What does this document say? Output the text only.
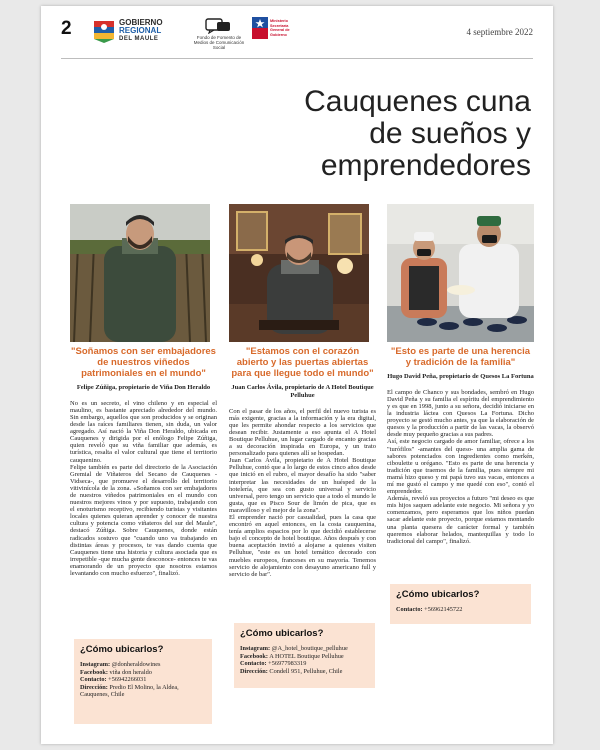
2	GOBIERNO
REGIONAL
DEL MAULE	Fondo de Fomento de Medios de Comunicación Social
Ministerio Secretaría General de Gobierno	4 septiembre 2022
Cauquenes cuna
de sueños y
emprendedores
"Soñamos con ser embajadores de nuestros viñedos patrimoniales en el mundo"
Felipe Zúñiga, propietario de Viña Don Heraldo

No es un secreto, el vino chileno y en especial el maulino, es bastante apreciado alrededor del mundo. Sin embargo, aquellos que son producidos y se originan desde las raíces familiares tienen, sin duda, un valor agregado. Así nació la Viña Don Heraldo, ubicada en Cauquenes y dirigida por el enólogo Felipe Zúñiga, quien reveló que su viña familiar que además, es turística, resalta el valor cultural que tiene el territorio cauquenino.

Felipe también es parte del directorio de la Asociación Gremial de Viñateros del Secano de Cauquenes -Vidseca-, que promueve el desarrollo del territorio vitivinícola de la zona. «Soñamos con ser embajadores de nuestros viñedos patrimoniales en el mundo con nuestros mejores vinos y por supuesto, trabajando con el enoturismo receptivo, recibiendo turistas y visitantes locales quienes quieran aprender y conocer de nuestra cultura y potencia como viñateros del sur del Maule", destacó Zúñiga. Sobre Cauquenes, donde están radicados sostuvo que "cuando uno va trabajando en distintas áreas y procesos, te vas dando cuenta que Cauquenes tiene una historia y cultura asociada que es irrepetible -que mucha gente desconoce- entonces te vas enamorando de un proyecto que nosotros estamos levantando con mucho esfuerzo", finalizó.

"Estamos con el corazón abierto y las puertas abiertas para que llegue todo el mundo"
Juan Carlos Ávila, propietario de A Hotel Boutique Pelluhue

Con el pasar de los años, el perfil del nuevo turista es más exigente, gracias a la información y la era digital, que les permite ahondar respecto a los servicios que desean recibir. Justamente a eso apunta el A Hotel Boutique Pelluhue, un lugar cargado de encanto gracias a su decoración inspirada en Europa, y un trato personalizado para quienes allí se hospedan.

Juan Carlos Ávila, propietario de A Hotel Boutique Pelluhue, contó que a lo largo de estos cinco años desde que inició en el rubro, el mayor desafío ha sido "saber interpretar las necesidades de un huésped de la hotelería, que sea con gusto universal y servicio universal, pero tengo un servicio que a todo el mundo le gusta, que es Pisco Sour de limón de pica, que es maravilloso y el mejor de la zona".

El emprender nació por casualidad, pues la casa que encontró en aquel entonces, en la costa cauquenina, tenía amplios espacios por lo que decidió establecerse bajo el concepto de hotel boutique. Años después y con buena aceptación invitó a alojarse a quienes visiten Pelluhue, "este es un hotel temático decorado con muebles europeos, franceses en su mayoría. Tenemos servicio de alojamiento con desayuno americano full y servicio de bar".

"Esto es parte de una herencia y tradición de la familia"
Hugo David Peña, propietario de Quesos La Fortuna

El campo de Chanco y sus bondades, sembró en Hugo David Peña y su familia el espíritu del emprendimiento y es que en 1998, junto a su señora, decidió iniciarse en la industria láctea con Quesos La Fortuna. Dicho proyecto se gestó mucho antes, ya que la elaboración de quesos y la producción a partir de las vacas, la observó desde muy pequeño gracias a sus padres.

Así, este negocio cargado de amor familiar, ofrece a los "turófilos" -amantes del queso- una amplia gama de sabores potenciados con ingredientes como merkén, ciboulette u orégano. "Esto es parte de una herencia y tradición que traemos de la familia, pues siempre mi mamá hizo queso y mi papá tuvo sus vacas, entonces a mí me gustó el campo y me quedé con eso", contó el emprendedor.

Además, reveló sus proyectos a futuro "mi deseo es que mis hijos saquen adelante este negocio. Mi señora y yo comenzamos, pero esperamos que los niños puedan sacar adelante este proyecto, porque estamos montando una planta quesera de carácter formal y también queremos elaborar helados, mantequillas y todo lo tradicional del campo", finalizó.

¿Cómo ubicarlos?
Instagram: @donheraldowines
Facebook: viña don heraldo
Contacto: +56942266031
Dirección: Predio El Molino, la Aldea, Cauquenes, Chile
¿Cómo ubicarlos?
Instagram: @A_hotel_boutique_pelluhue
Facebook: A HOTEL Boutique Pelluhue
Contacto: +56977983319
Dirección: Condell 951, Pelluhue, Chile
¿Cómo ubicarlos?
Contacto: +56962145722
